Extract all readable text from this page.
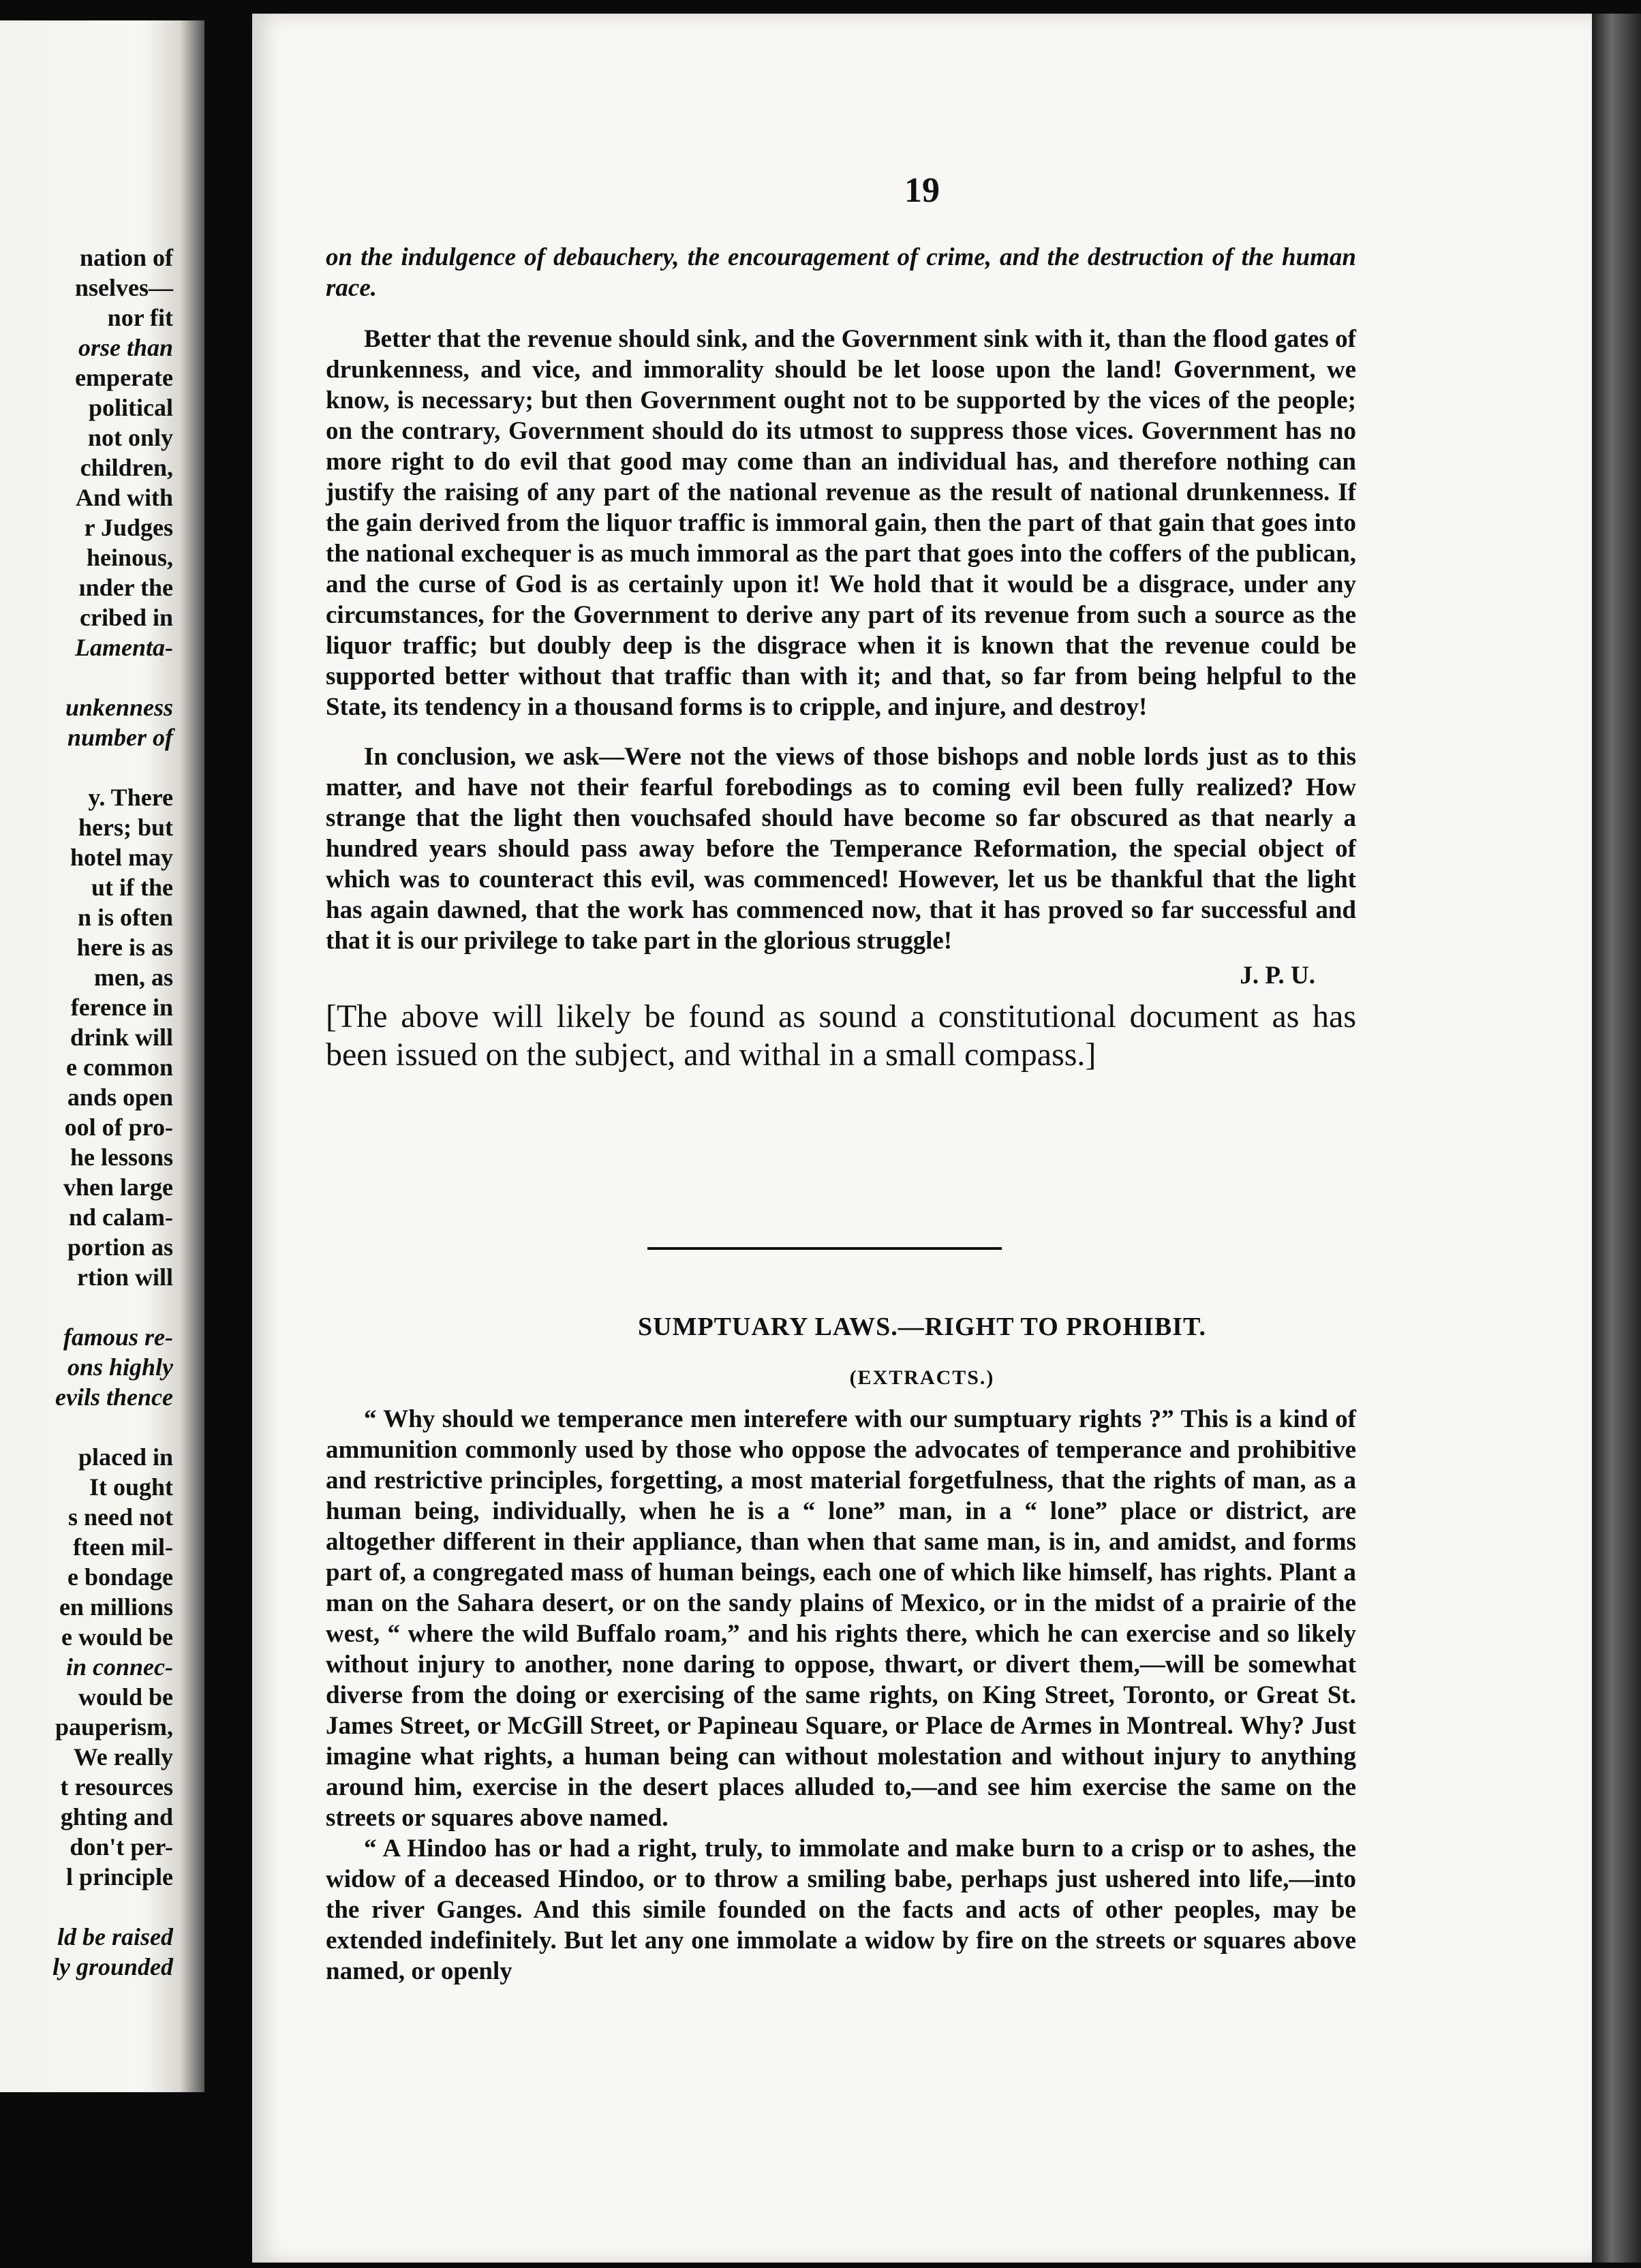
nation of
nselves—
nor fit
orse than
emperate
political
not only
children,
And with
r Judges
heinous,
ınder the
cribed in
Lamenta-
unkenness
number of
y. There
hers; but
hotel may
ut if the
n is often
here is as
men, as
ference in
drink will
e common
ands open
ool of pro-
he lessons
vhen large
nd calam-
portion as
rtion will
famous re-
ons highly
evils thence
placed in
It ought
s need not
fteen mil-
e bondage
en millions
e would be
in connec-
would be
pauperism,
We really
t resources
ghting and
don't per-
l principle
ld be raised
ly grounded
19

on the indulgence of debauchery, the encouragement of crime, and the destruction of the human race.

Better that the revenue should sink, and the Government sink with it, than the flood gates of drunkenness, and vice, and immorality should be let loose upon the land! Government, we know, is necessary; but then Government ought not to be supported by the vices of the people; on the contrary, Government should do its utmost to suppress those vices. Government has no more right to do evil that good may come than an individual has, and therefore nothing can justify the raising of any part of the national revenue as the result of national drunkenness. If the gain derived from the liquor traffic is immoral gain, then the part of that gain that goes into the national exchequer is as much immoral as the part that goes into the coffers of the publican, and the curse of God is as certainly upon it! We hold that it would be a disgrace, under any circumstances, for the Government to derive any part of its revenue from such a source as the liquor traffic; but doubly deep is the disgrace when it is known that the revenue could be supported better without that traffic than with it; and that, so far from being helpful to the State, its tendency in a thousand forms is to cripple, and injure, and destroy!

In conclusion, we ask—Were not the views of those bishops and noble lords just as to this matter, and have not their fearful forebodings as to coming evil been fully realized? How strange that the light then vouchsafed should have become so far obscured as that nearly a hundred years should pass away before the Temperance Reformation, the special object of which was to counteract this evil, was commenced! However, let us be thankful that the light has again dawned, that the work has commenced now, that it has proved so far successful and that it is our privilege to take part in the glorious struggle!

J. P. U.

[The above will likely be found as sound a constitutional document as has been issued on the subject, and withal in a small compass.]

SUMPTUARY LAWS.—RIGHT TO PROHIBIT.
(EXTRACTS.)

“ Why should we temperance men interefere with our sumptuary rights ?” This is a kind of ammunition commonly used by those who oppose the advocates of temperance and prohibitive and restrictive principles, forgetting, a most material forgetfulness, that the rights of man, as a human being, individually, when he is a “ lone” man, in a “ lone” place or district, are altogether different in their appliance, than when that same man, is in, and amidst, and forms part of, a congregated mass of human beings, each one of which like himself, has rights. Plant a man on the Sahara desert, or on the sandy plains of Mexico, or in the midst of a prairie of the west, “ where the wild Buffalo roam,” and his rights there, which he can exercise and so likely without injury to another, none daring to oppose, thwart, or divert them,—will be somewhat diverse from the doing or exercising of the same rights, on King Street, Toronto, or Great St. James Street, or McGill Street, or Papineau Square, or Place de Armes in Montreal. Why? Just imagine what rights, a human being can without molestation and without injury to anything around him, exercise in the desert places alluded to,—and see him exercise the same on the streets or squares above named.

“ A Hindoo has or had a right, truly, to immolate and make burn to a crisp or to ashes, the widow of a deceased Hindoo, or to throw a smiling babe, perhaps just ushered into life,—into the river Ganges. And this simile founded on the facts and acts of other peoples, may be extended indefinitely. But let any one immolate a widow by fire on the streets or squares above named, or openly
